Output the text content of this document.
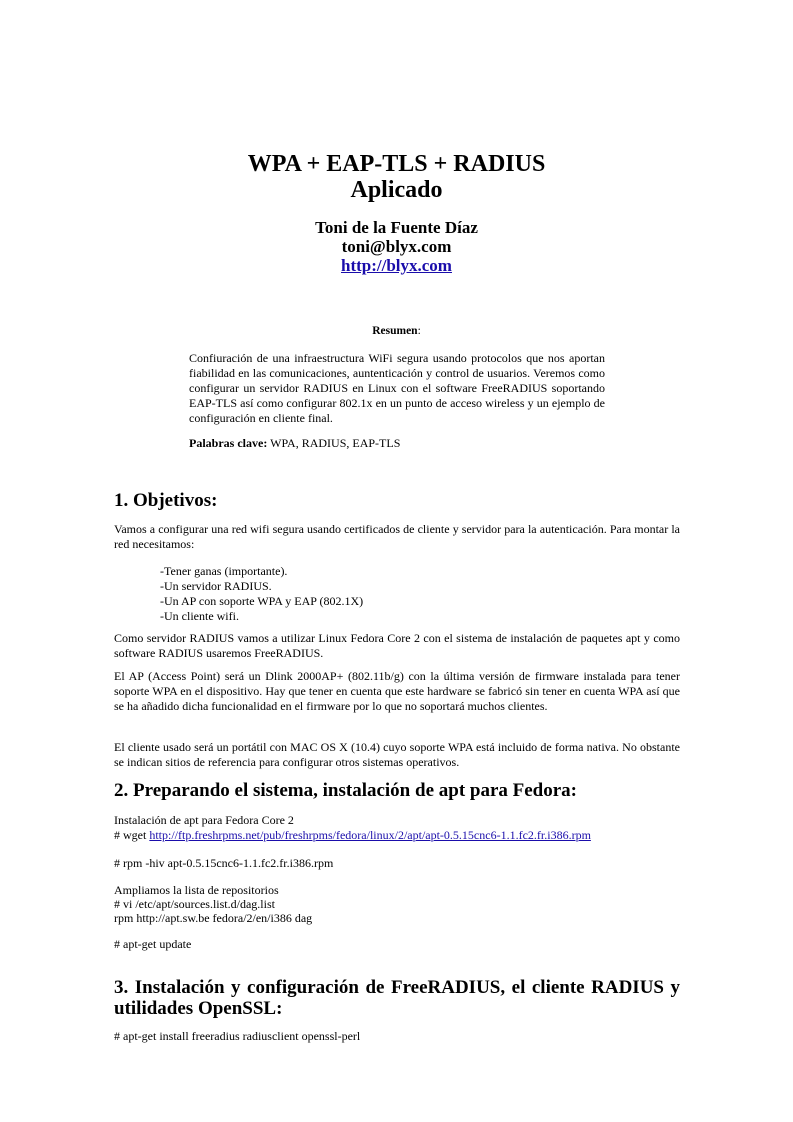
WPA + EAP-TLS + RADIUS
Aplicado
Toni de la Fuente Díaz
toni@blyx.com
http://blyx.com
Resumen:
Confiuración de una infraestructura WiFi segura usando protocolos que nos aportan fiabilidad en las comunicaciones, auntenticación y control de usuarios. Veremos como configurar un servidor RADIUS en Linux con el software FreeRADIUS soportando EAP-TLS así como configurar 802.1x en un punto de acceso wireless y un ejemplo de configuración en cliente final.
Palabras clave: WPA, RADIUS, EAP-TLS
1. Objetivos:
Vamos a configurar una red wifi segura usando certificados de cliente y servidor para la autenticación. Para montar la red necesitamos:
-Tener ganas (importante).
-Un servidor RADIUS.
-Un AP con soporte WPA y EAP (802.1X)
-Un cliente wifi.
Como servidor RADIUS vamos a utilizar Linux Fedora Core 2 con el sistema de instalación de paquetes apt y como software RADIUS usaremos FreeRADIUS.
El AP (Access Point) será un Dlink 2000AP+ (802.11b/g) con la última versión de firmware instalada para tener soporte WPA en el dispositivo. Hay que tener en cuenta que este hardware se fabricó sin tener en cuenta WPA así que se ha añadido dicha funcionalidad en el firmware por lo que no soportará muchos clientes.
El cliente usado será un portátil con MAC OS X (10.4) cuyo soporte WPA está incluido de forma nativa. No obstante se indican sitios de referencia para configurar otros sistemas operativos.
2. Preparando el sistema, instalación de apt para Fedora:
Instalación de apt para Fedora Core 2
# wget http://ftp.freshrpms.net/pub/freshrpms/fedora/linux/2/apt/apt-0.5.15cnc6-1.1.fc2.fr.i386.rpm
# rpm -hiv apt-0.5.15cnc6-1.1.fc2.fr.i386.rpm
Ampliamos la lista de repositorios
# vi /etc/apt/sources.list.d/dag.list
rpm http://apt.sw.be fedora/2/en/i386 dag
# apt-get update
3. Instalación y configuración de FreeRADIUS, el cliente RADIUS y utilidades OpenSSL:
# apt-get install freeradius radiusclient openssl-perl
